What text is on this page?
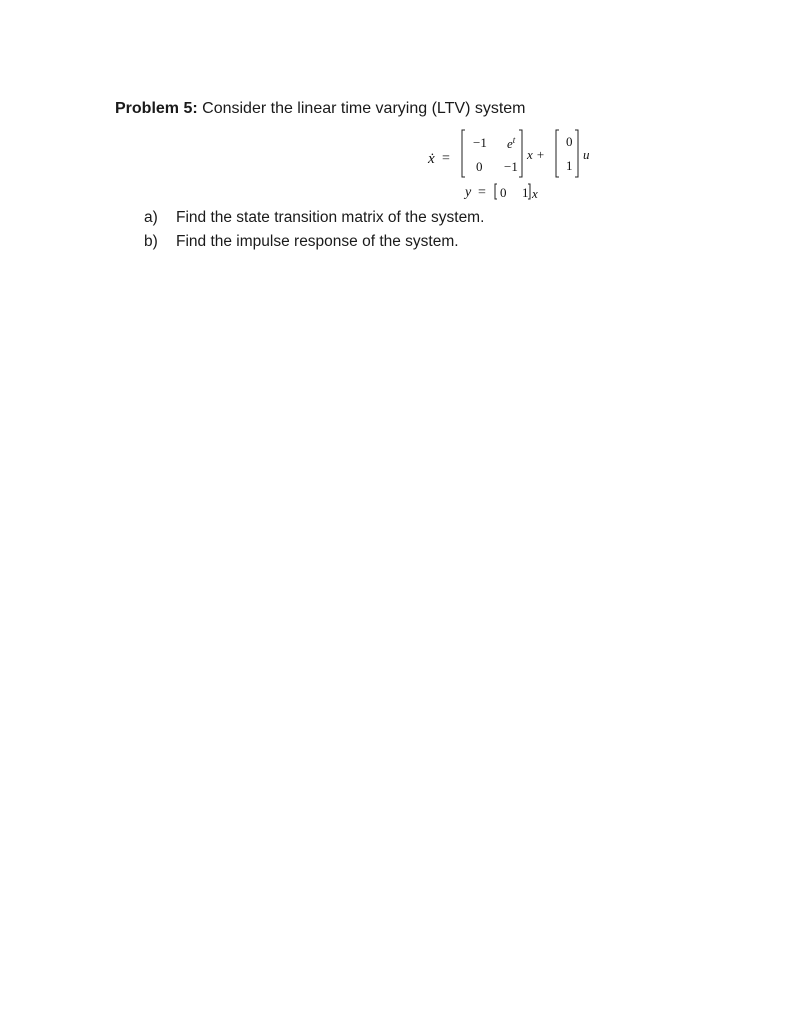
Problem 5: Consider the linear time varying (LTV) system
ẋ =
−1 $e^t$
0 −1
x +
0
1
u
y = 0 1 x
a) Find the state transition matrix of the system.
b) Find the impulse response of the system.
